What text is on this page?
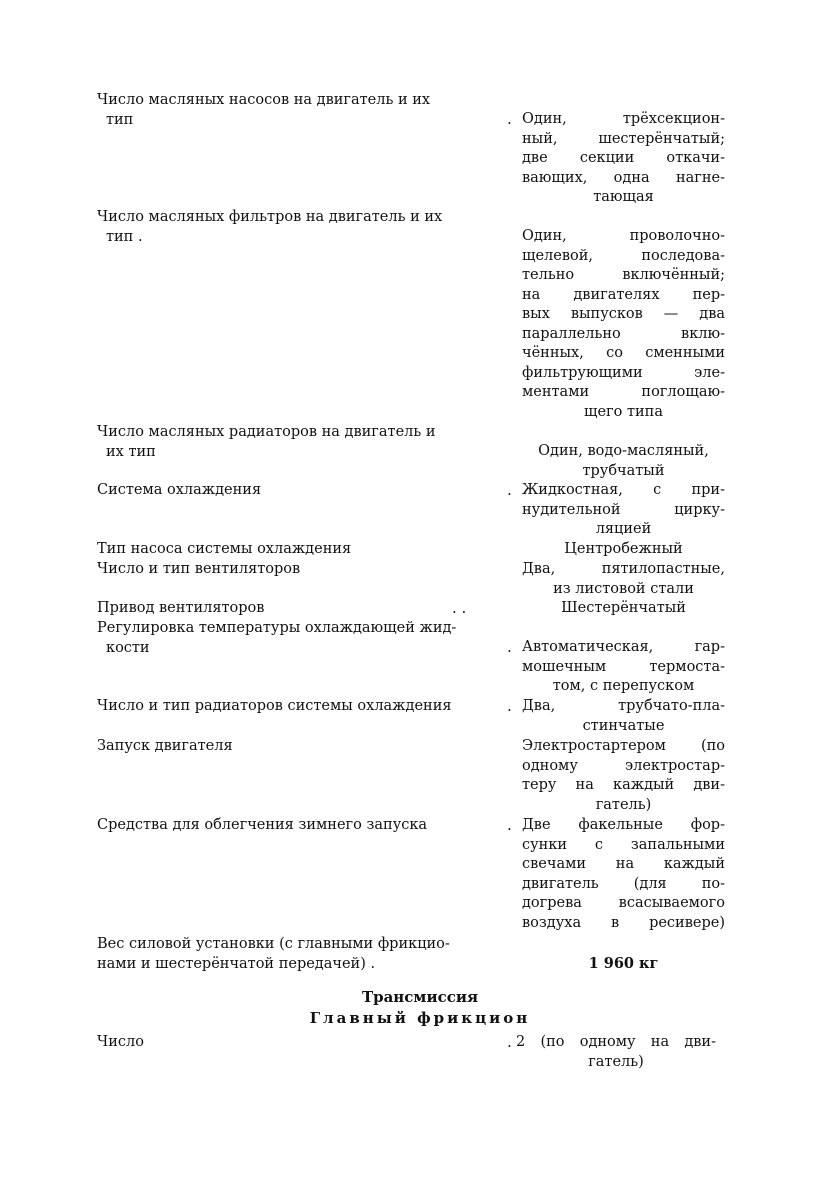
Число масляных насосов на двигатель и их
тип	. Один, трёхсекцион-
ный, шестерёнчатый;
две секции откачи-
вающих, одна нагне-
тающая
Число масляных фильтров на двигатель и их
тип .	Один, проволочно-
щелевой, последова-
тельно включённый;
на двигателях пер-
вых выпусков — два
параллельно вклю-
чённых, со сменными
фильтрующими эле-
ментами поглощаю-
щего типа
Число масляных радиаторов на двигатель и
их тип	Один, водо-масляный,
трубчатый
Система охлаждения	. Жидкостная, с при-
нудительной цирку-
ляцией
Тип насоса системы охлаждения	Центробежный
Число и тип вентиляторов	Два, пятилопастные,
из листовой стали
Привод вентиляторов	. .	Шестерёнчатый
Регулировка температуры охлаждающей жид-
кости	. Автоматическая, гар-
мошечным термоста-
том, с перепуском
Число и тип радиаторов системы охлаждения	. Два, трубчато-пла-
стинчатые
Запуск двигателя	Электростартером (по
одному электростар-
теру на каждый дви-
гатель)
Средства для облегчения зимнего запуска	. Две факельные фор-
сунки с запальными
свечами на каждый
двигатель (для по-
догрева всасываемого
воздуха в ресивере)
Вес силовой установки (с главными фрикцио-
нами и шестерёнчатой передачей) .	1 960 кг
Трансмиссия
Главный фрикцион
Число	. 2 (по одному на дви-
гатель)
